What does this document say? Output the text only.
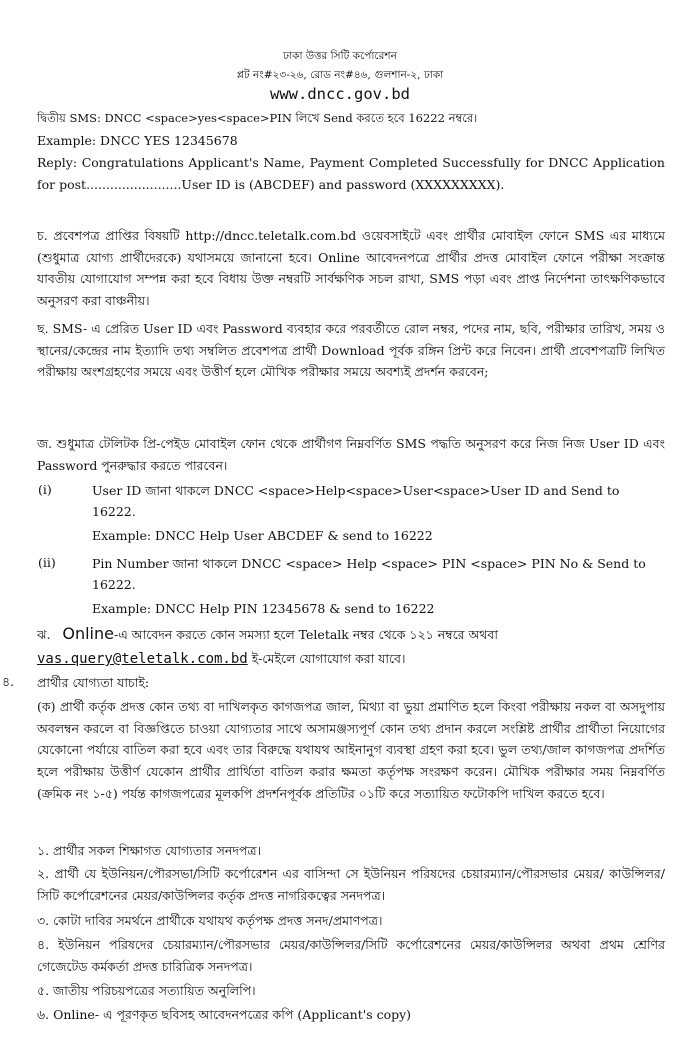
ঢাকা উত্তর সিটি কর্পোরেশন
প্লট নং#২৩-২৬, রোড নং#৪৬, গুলশান-২, ঢাকা
www.dncc.gov.bd
দ্বিতীয় SMS: DNCC <space>yes<space>PIN লিখে Send করতে হবে 16222 নম্বরে।
Example: DNCC YES 12345678
Reply: Congratulations Applicant's Name, Payment Completed Successfully for DNCC Application for post........................User ID is (ABCDEF) and password (XXXXXXXXX).
চ. প্রবেশপত্র প্রাপ্তির বিষয়টি http://dncc.teletalk.com.bd ওয়েবসাইটে এবং প্রার্থীর মোবাইল ফোনে SMS এর মাধ্যমে (শুধুমাত্র যোগ্য প্রার্থীদেরকে) যথাসময়ে জানানো হবে। Online আবেদনপত্রে প্রার্থীর প্রদত্ত মোবাইল ফোনে পরীক্ষা সংক্রান্ত যাবতীয় যোগাযোগ সম্পন্ন করা হবে বিধায় উক্ত নম্বরটি সার্বক্ষণিক সচল রাখা, SMS পড়া এবং প্রাপ্ত নির্দেশনা তাৎক্ষণিকভাবে অনুসরণ করা বাঞ্চনীয়।
ছ. SMS- এ প্রেরিত User ID এবং Password ব্যবহার করে পরবর্তীতে রোল নম্বর, পদের নাম, ছবি, পরীক্ষার তারিখ, সময় ও স্থানের/কেন্দ্রের নাম ইত্যাদি তথ্য সম্বলিত প্রবেশপত্র প্রার্থী Download পূর্বক রঙ্গিন প্রিন্ট করে নিবেন। প্রার্থী প্রবেশপত্রটি লিখিত পরীক্ষায় অংশগ্রহণের সময়ে এবং উত্তীর্ণ হলে মৌখিক পরীক্ষার সময়ে অবশ্যই প্রদর্শন করবেন;
জ. শুধুমাত্র টেলিটক প্রি-পেইড মোবাইল ফোন থেকে প্রার্থীগণ নিম্নবর্ণিত SMS পদ্ধতি অনুসরণ করে নিজ নিজ User ID এবং Password পুনরুদ্ধার করতে পারবেন।
(i)	User ID জানা থাকলে DNCC <space>Help<space>User<space>User ID and Send to 16222.
Example: DNCC Help User ABCDEF & send to 16222
(ii)	Pin Number জানা থাকলে DNCC <space> Help <space> PIN <space> PIN No & Send to 16222.
Example: DNCC Help PIN 12345678 & send to 16222
ঝ. Online-এ আবেদন করতে কোন সমস্যা হলে Teletalk নম্বর থেকে ১২১ নম্বরে অথবা
vas.query@teletalk.com.bd ই-মেইলে যোগাযোগ করা যাবে।
৪. প্রার্থীর যোগ্যতা যাচাই:
(ক) প্রার্থী কর্তৃক প্রদত্ত কোন তথ্য বা দাখিলকৃত কাগজপত্র জাল, মিথ্যা বা ভুয়া প্রমাণিত হলে কিংবা পরীক্ষায় নকল বা অসদুপায় অবলম্বন করলে বা বিজ্ঞপ্তিতে চাওয়া যোগ্যতার সাথে অসামঞ্জস্যপূর্ণ কোন তথ্য প্রদান করলে সংশ্লিষ্ট প্রার্থীর প্রার্থীতা নিয়োগের যেকোনো পর্যায়ে বাতিল করা হবে এবং তার বিরুদ্ধে যথাযথ আইনানুগ ব্যবস্থা গ্রহণ করা হবে। ভুল তথ্য/জাল কাগজপত্র প্রদর্শিত হলে পরীক্ষায় উত্তীর্ণ যেকোন প্রার্থীর প্রার্থিতা বাতিল করার ক্ষমতা কর্তৃপক্ষ সংরক্ষণ করেন। মৌখিক পরীক্ষার সময় নিম্নবর্ণিত (ক্রমিক নং ১-৫) পর্যন্ত কাগজপত্রের মূলকপি প্রদর্শনপূর্বক প্রতিটির ০১টি করে সত্যায়িত ফটোকপি দাখিল করতে হবে।
১. প্রার্থীর সকল শিক্ষাগত যোগ্যতার সনদপত্র।
২. প্রার্থী যে ইউনিয়ন/পৌরসভা/সিটি কর্পোরেশন এর বাসিন্দা সে ইউনিয়ন পরিষদের চেয়ারম্যান/পৌরসভার মেয়র/ কাউন্সিলর/সিটি কর্পোরেশনের মেয়র/কাউন্সিলর কর্তৃক প্রদত্ত নাগরিকত্বের সনদপত্র।
৩. কোটা দাবির সমর্থনে প্রার্থীকে যথাযথ কর্তৃপক্ষ প্রদত্ত সনদ/প্রমাণপত্র।
৪. ইউনিয়ন পরিষদের চেয়ারম্যান/পৌরসভার মেয়র/কাউন্সিলর/সিটি কর্পোরেশনের মেয়র/কাউন্সিলর অথবা প্রথম শ্রেণির গেজেটেড কর্মকর্তা প্রদত্ত চারিত্রিক সনদপত্র।
৫. জাতীয় পরিচয়পত্রের সত্যায়িত অনুলিপি।
৬. Online- এ পূরণকৃত ছবিসহ আবেদনপত্রের কপি (Applicant's copy)
